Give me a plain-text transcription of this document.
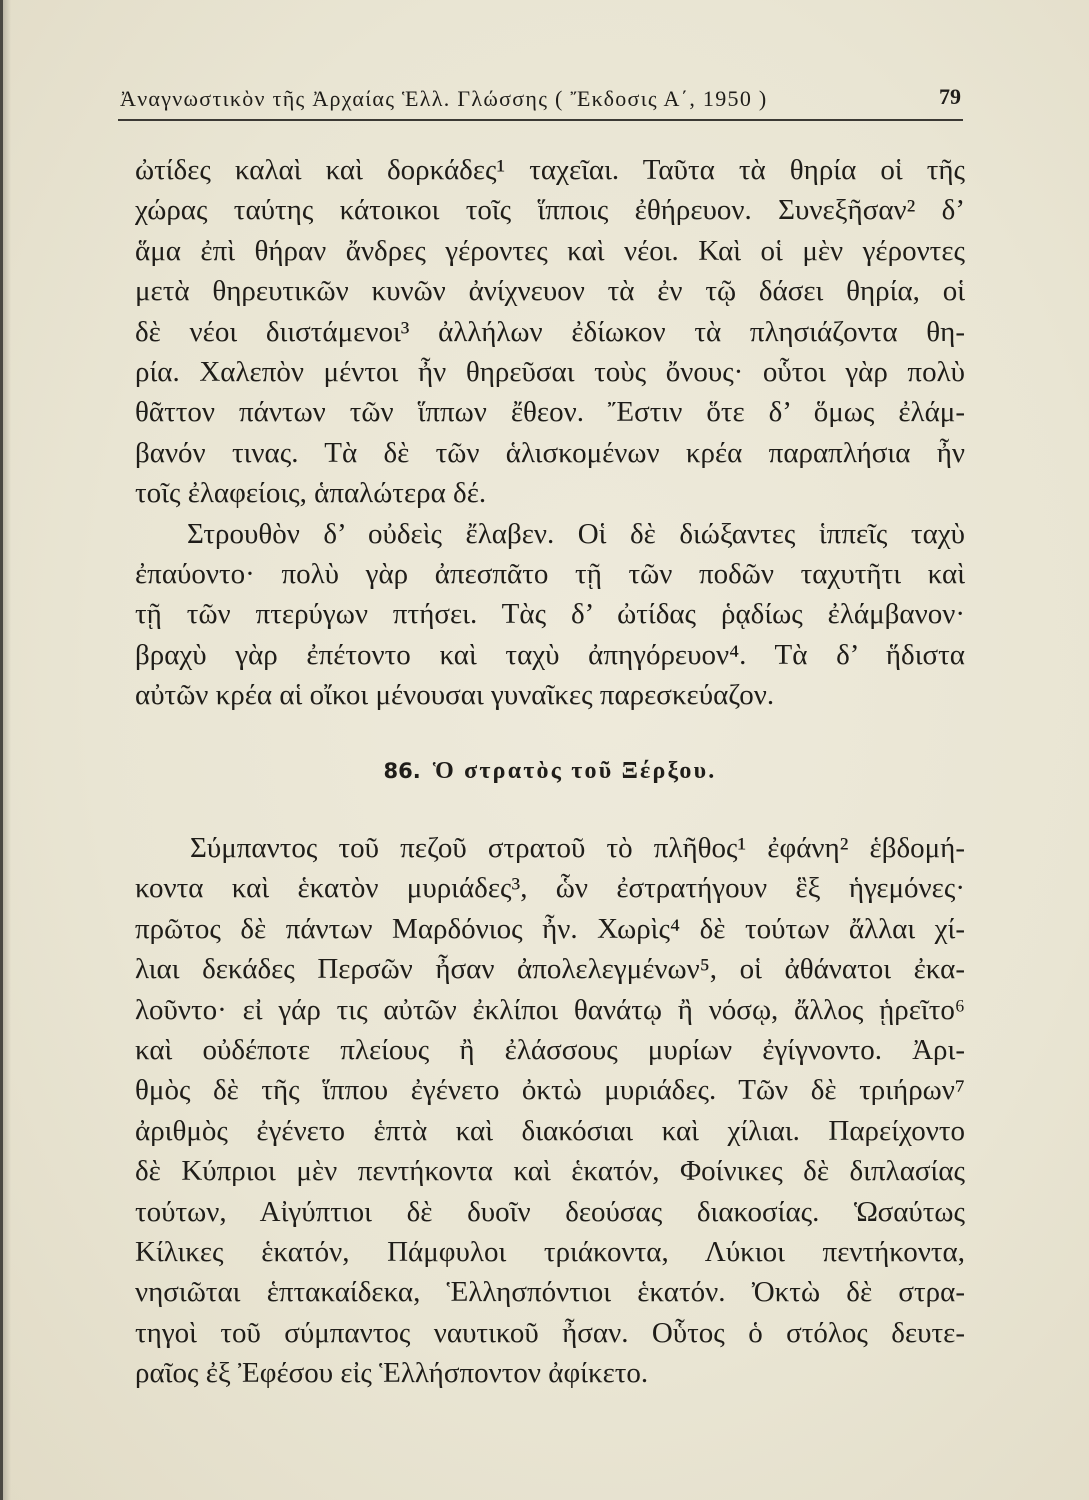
Ἀναγνωστικὸν τῆς Ἀρχαίας Ἑλλ. Γλώσσης ( Ἔκδοσις Α΄, 1950 )	79
ὠτίδες καλαὶ καὶ δορκάδες¹ ταχεῖαι. Ταῦτα τὰ θηρία οἱ τῆς
χώρας ταύτης κάτοικοι τοῖς ἵπποις ἐθήρευον. Συνεξῆσαν² δ’
ἅμα ἐπὶ θήραν ἄνδρες γέροντες καὶ νέοι. Καὶ οἱ μὲν γέροντες
μετὰ θηρευτικῶν κυνῶν ἀνίχνευον τὰ ἐν τῷ δάσει θηρία, οἱ
δὲ νέοι διιστάμενοι³ ἀλλήλων ἐδίωκον τὰ πλησιάζοντα θη-
ρία. Χαλεπὸν μέντοι ἦν θηρεῦσαι τοὺς ὄνους· οὗτοι γὰρ πολὺ
θᾶττον πάντων τῶν ἵππων ἔθεον. Ἔστιν ὅτε δ’ ὅμως ἐλάμ-
βανόν τινας. Τὰ δὲ τῶν ἁλισκομένων κρέα παραπλήσια ἦν
τοῖς ἐλαφείοις, ἁπαλώτερα δέ.
Στρουθὸν δ’ οὐδεὶς ἔλαβεν. Οἱ δὲ διώξαντες ἱππεῖς ταχὺ
ἐπαύοντο· πολὺ γὰρ ἀπεσπᾶτο τῇ τῶν ποδῶν ταχυτῆτι καὶ
τῇ τῶν πτερύγων πτήσει. Τὰς δ’ ὠτίδας ῥᾳδίως ἐλάμβανον·
βραχὺ γὰρ ἐπέτοντο καὶ ταχὺ ἀπηγόρευον⁴. Τὰ δ’ ἥδιστα
αὐτῶν κρέα αἱ οἴκοι μένουσαι γυναῖκες παρεσκεύαζον.
86. Ὁ στρατὸς τοῦ Ξέρξου.
Σύμπαντος τοῦ πεζοῦ στρατοῦ τὸ πλῆθος¹ ἐφάνη² ἑβδομή-
κοντα καὶ ἑκατὸν μυριάδες³, ὧν ἐστρατήγουν ἓξ ἡγεμόνες·
πρῶτος δὲ πάντων Μαρδόνιος ἦν. Χωρὶς⁴ δὲ τούτων ἄλλαι χί-
λιαι δεκάδες Περσῶν ἦσαν ἀπολελεγμένων⁵, οἱ ἀθάνατοι ἐκα-
λοῦντο· εἰ γάρ τις αὐτῶν ἐκλίποι θανάτῳ ἢ νόσῳ, ἄλλος ᾑρεῖτο⁶
καὶ οὐδέποτε πλείους ἢ ἐλάσσους μυρίων ἐγίγνοντο. Ἀρι-
θμὸς δὲ τῆς ἵππου ἐγένετο ὀκτὼ μυριάδες. Τῶν δὲ τριήρων⁷
ἀριθμὸς ἐγένετο ἑπτὰ καὶ διακόσιαι καὶ χίλιαι. Παρείχοντο
δὲ Κύπριοι μὲν πεντήκοντα καὶ ἑκατόν, Φοίνικες δὲ διπλασίας
τούτων, Αἰγύπτιοι δὲ δυοῖν δεούσας διακοσίας. Ὡσαύτως
Κίλικες ἑκατόν, Πάμφυλοι τριάκοντα, Λύκιοι πεντήκοντα,
νησιῶται ἑπτακαίδεκα, Ἑλλησπόντιοι ἑκατόν. Ὀκτὼ δὲ στρα-
τηγοὶ τοῦ σύμπαντος ναυτικοῦ ἦσαν. Οὗτος ὁ στόλος δευτε-
ραῖος ἐξ Ἐφέσου εἰς Ἑλλήσποντον ἀφίκετο.
